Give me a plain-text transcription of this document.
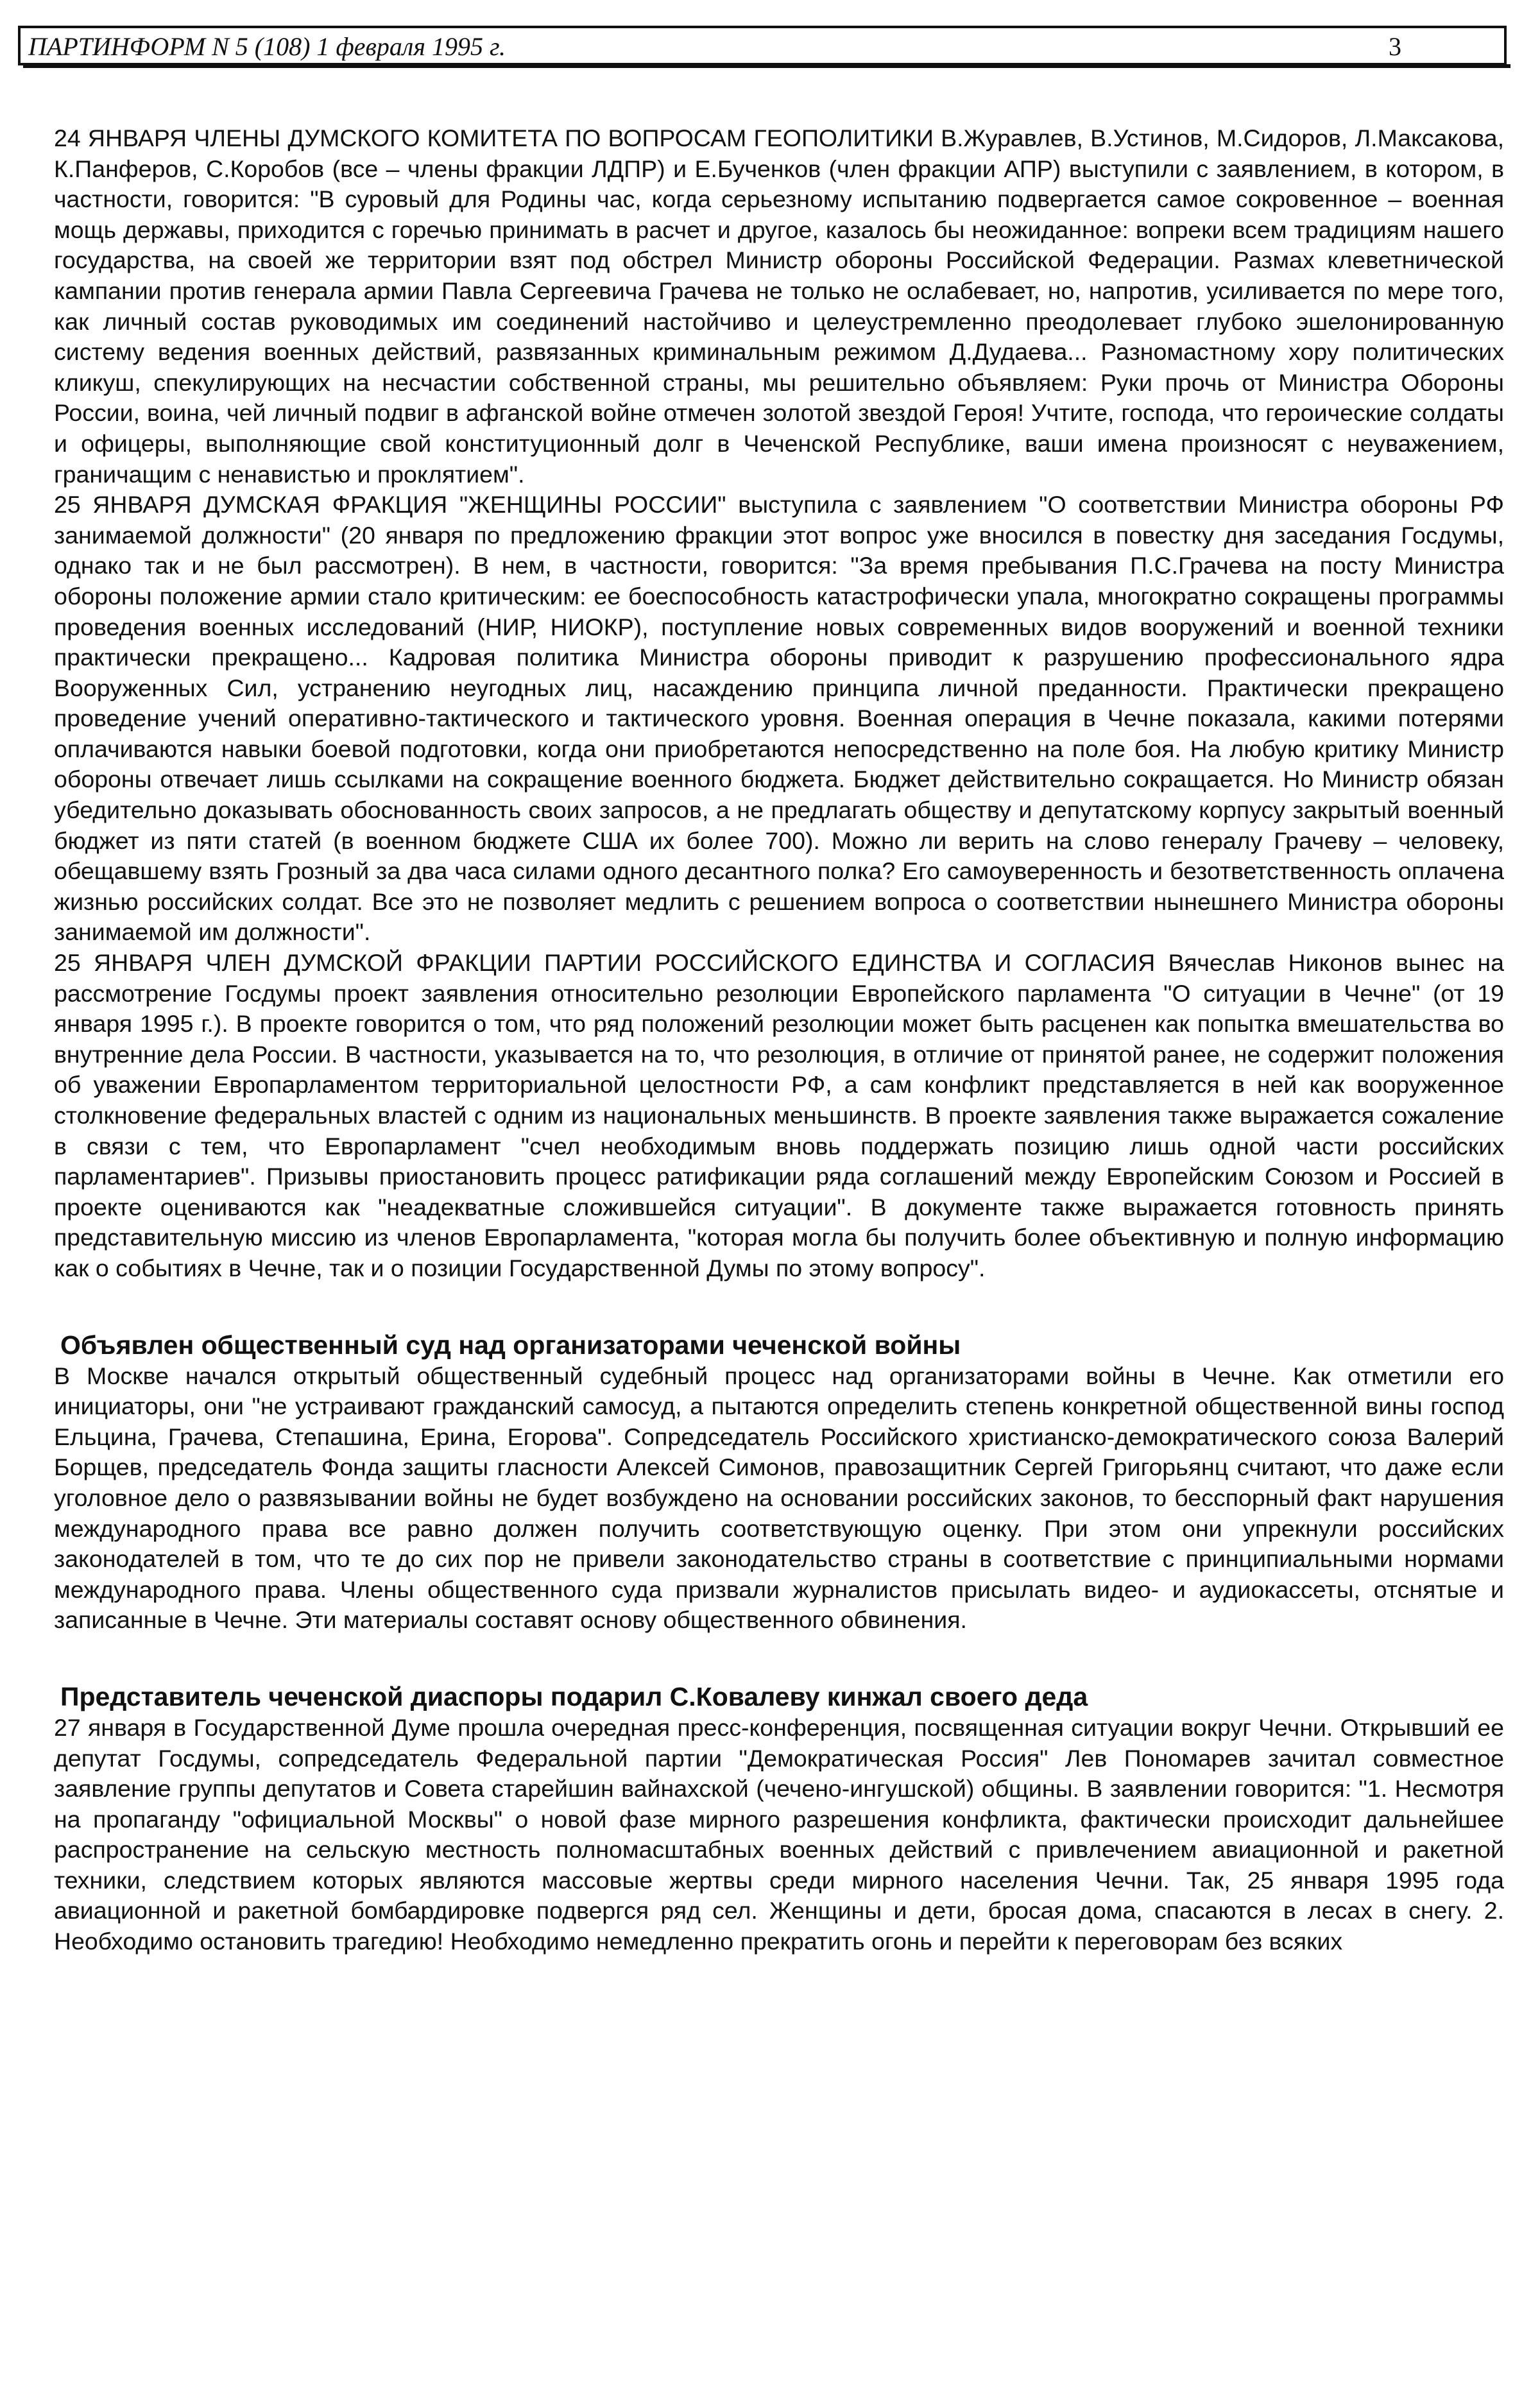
ПАРТИНФОРМ N 5 (108) 1 февраля 1995 г.	3

24 ЯНВАРЯ ЧЛЕНЫ ДУМСКОГО КОМИТЕТА ПО ВОПРОСАМ ГЕОПОЛИТИКИ В.Журавлев, В.Устинов, М.Сидоров, Л.Максакова, К.Панферов, С.Коробов (все – члены фракции ЛДПР) и Е.Бученков (член фракции АПР) выступили с заявлением, в котором, в частности, говорится: "В суровый для Родины час, когда серьезному испытанию подвергается самое сокровенное – военная мощь державы, приходится с горечью принимать в расчет и другое, казалось бы неожиданное: вопреки всем традициям нашего государства, на своей же территории взят под обстрел Министр обороны Российской Федерации. Размах клеветнической кампании против генерала армии Павла Сергеевича Грачева не только не ослабевает, но, напротив, усиливается по мере того, как личный состав руководимых им соединений настойчиво и целеустремленно преодолевает глубоко эшелонированную систему ведения военных действий, развязанных криминальным режимом Д.Дудаева... Разномастному хору политических кликуш, спекулирующих на несчастии собственной страны, мы решительно объявляем: Руки прочь от Министра Обороны России, воина, чей личный подвиг в афганской войне отмечен золотой звездой Героя! Учтите, господа, что героические солдаты и офицеры, выполняющие свой конституционный долг в Чеченской Республике, ваши имена произносят с неуважением, граничащим с ненавистью и проклятием".

25 ЯНВАРЯ ДУМСКАЯ ФРАКЦИЯ "ЖЕНЩИНЫ РОССИИ" выступила с заявлением "О соответствии Министра обороны РФ занимаемой должности" (20 января по предложению фракции этот вопрос уже вносился в повестку дня заседания Госдумы, однако так и не был рассмотрен). В нем, в частности, говорится: "За время пребывания П.С.Грачева на посту Министра обороны положение армии стало критическим: ее боеспособность катастрофически упала, многократно сокращены программы проведения военных исследований (НИР, НИОКР), поступление новых современных видов вооружений и военной техники практически прекращено... Кадровая политика Министра обороны приводит к разрушению профессионального ядра Вооруженных Сил, устранению неугодных лиц, насаждению принципа личной преданности. Практически прекращено проведение учений оперативно-тактического и тактического уровня. Военная операция в Чечне показала, какими потерями оплачиваются навыки боевой подготовки, когда они приобретаются непосредственно на поле боя. На любую критику Министр обороны отвечает лишь ссылками на сокращение военного бюджета. Бюджет действительно сокращается. Но Министр обязан убедительно доказывать обоснованность своих запросов, а не предлагать обществу и депутатскому корпусу закрытый военный бюджет из пяти статей (в военном бюджете США их более 700). Можно ли верить на слово генералу Грачеву – человеку, обещавшему взять Грозный за два часа силами одного десантного полка? Его самоуверенность и безответственность оплачена жизнью российских солдат. Все это не позволяет медлить с решением вопроса о соответствии нынешнего Министра обороны занимаемой им должности".

25 ЯНВАРЯ ЧЛЕН ДУМСКОЙ ФРАКЦИИ ПАРТИИ РОССИЙСКОГО ЕДИНСТВА И СОГЛАСИЯ Вячеслав Никонов вынес на рассмотрение Госдумы проект заявления относительно резолюции Европейского парламента "О ситуации в Чечне" (от 19 января 1995 г.). В проекте говорится о том, что ряд положений резолюции может быть расценен как попытка вмешательства во внутренние дела России. В частности, указывается на то, что резолюция, в отличие от принятой ранее, не содержит положения об уважении Европарламентом территориальной целостности РФ, а сам конфликт представляется в ней как вооруженное столкновение федеральных властей с одним из национальных меньшинств. В проекте заявления также выражается сожаление в связи с тем, что Европарламент "счел необходимым вновь поддержать позицию лишь одной части российских парламентариев". Призывы приостановить процесс ратификации ряда соглашений между Европейским Союзом и Россией в проекте оцениваются как "неадекватные сложившейся ситуации". В документе также выражается готовность принять представительную миссию из членов Европарламента, "которая могла бы получить более объективную и полную информацию как о событиях в Чечне, так и о позиции Государственной Думы по этому вопросу".

Объявлен общественный суд над организаторами чеченской войны

В Москве начался открытый общественный судебный процесс над организаторами войны в Чечне. Как отметили его инициаторы, они "не устраивают гражданский самосуд, а пытаются определить степень конкретной общественной вины господ Ельцина, Грачева, Степашина, Ерина, Егорова". Сопредседатель Российского христианско-демократического союза Валерий Борщев, председатель Фонда защиты гласности Алексей Симонов, правозащитник Сергей Григорьянц считают, что даже если уголовное дело о развязывании войны не будет возбуждено на основании российских законов, то бесспорный факт нарушения международного права все равно должен получить соответствующую оценку. При этом они упрекнули российских законодателей в том, что те до сих пор не привели законодательство страны в соответствие с принципиальными нормами международного права. Члены общественного суда призвали журналистов присылать видео- и аудиокассеты, отснятые и записанные в Чечне. Эти материалы составят основу общественного обвинения.

Представитель чеченской диаспоры подарил С.Ковалеву кинжал своего деда

27 января в Государственной Думе прошла очередная пресс-конференция, посвященная ситуации вокруг Чечни. Открывший ее депутат Госдумы, сопредседатель Федеральной партии "Демократическая Россия" Лев Пономарев зачитал совместное заявление группы депутатов и Совета старейшин вайнахской (чечено-ингушской) общины. В заявлении говорится: "1. Несмотря на пропаганду "официальной Москвы" о новой фазе мирного разрешения конфликта, фактически происходит дальнейшее распространение на сельскую местность полномасштабных военных действий с привлечением авиационной и ракетной техники, следствием которых являются массовые жертвы среди мирного населения Чечни. Так, 25 января 1995 года авиационной и ракетной бомбардировке подвергся ряд сел. Женщины и дети, бросая дома, спасаются в лесах в снегу. 2. Необходимо остановить трагедию! Необходимо немедленно прекратить огонь и перейти к переговорам без всяких
